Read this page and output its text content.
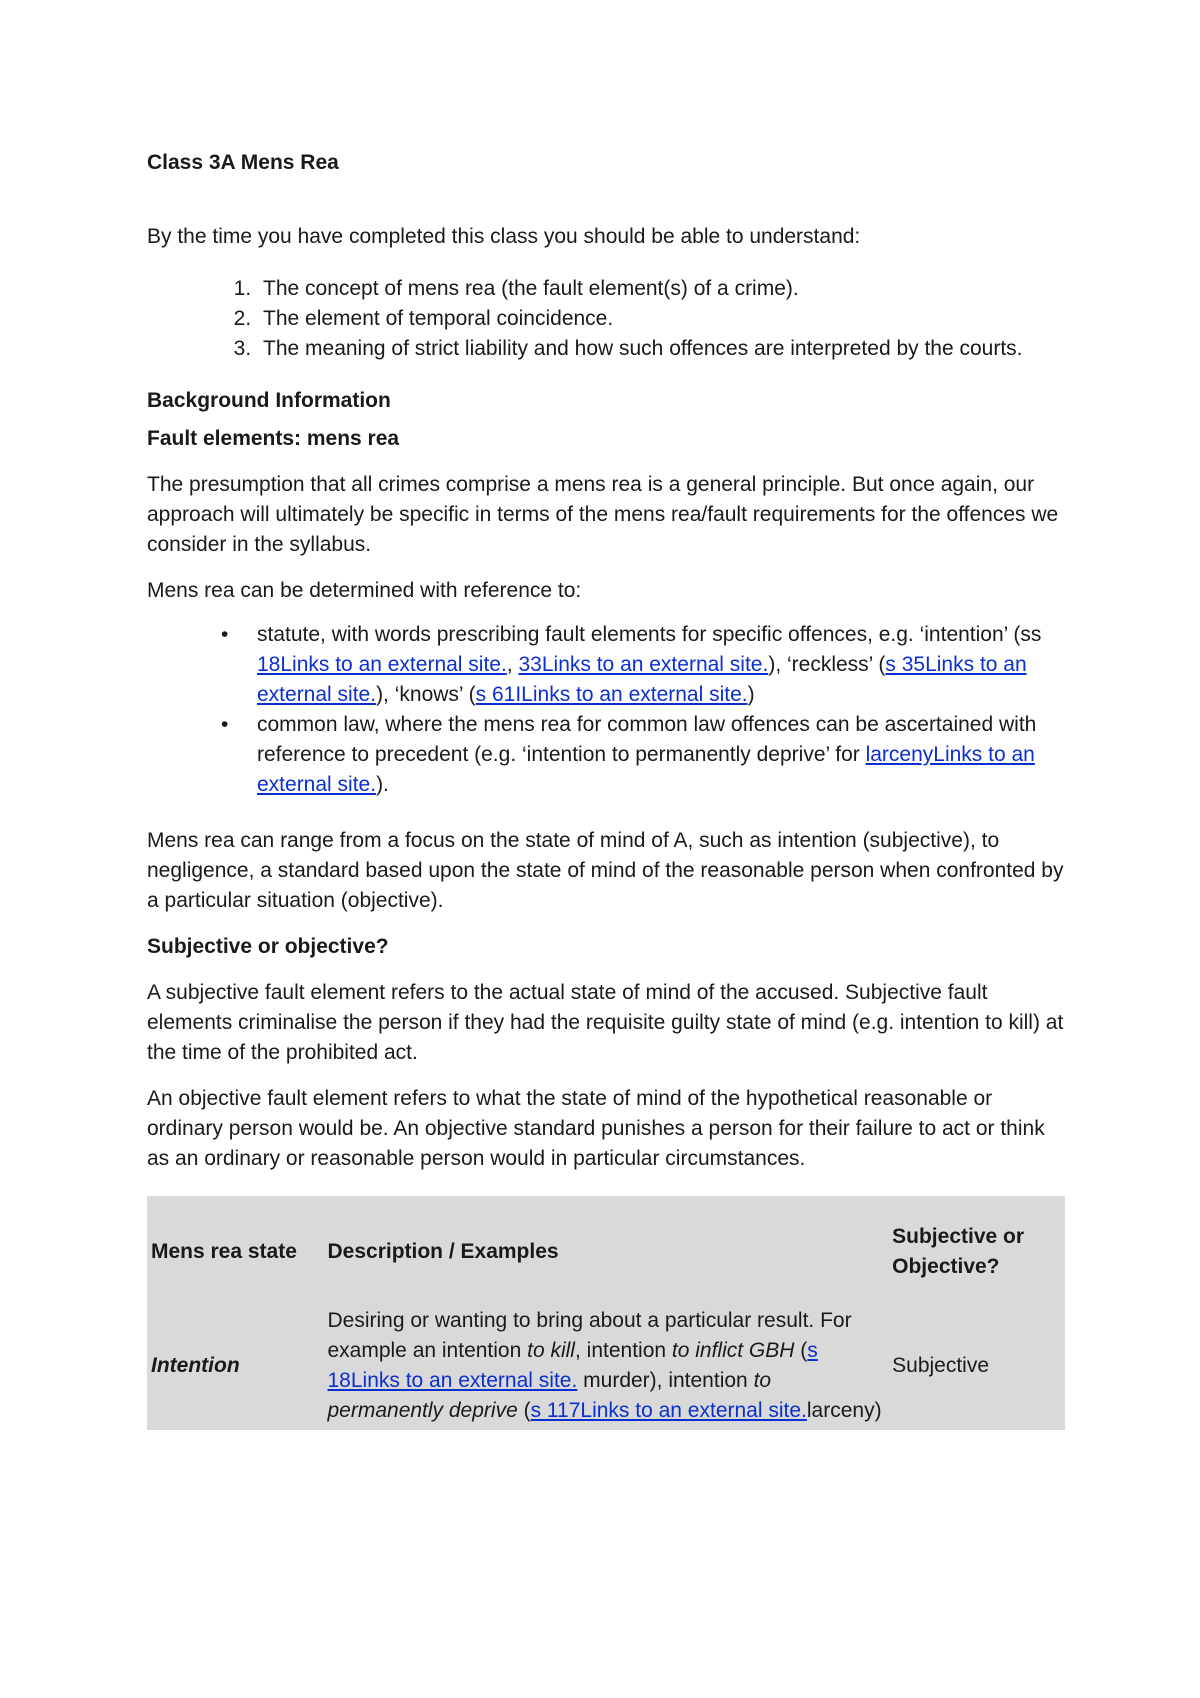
Class 3A Mens Rea

By the time you have completed this class you should be able to understand:

1. The concept of mens rea (the fault element(s) of a crime).
2. The element of temporal coincidence.
3. The meaning of strict liability and how such offences are interpreted by the courts.
Background Information
Fault elements: mens rea

The presumption that all crimes comprise a mens rea is a general principle. But once again, our approach will ultimately be specific in terms of the mens rea/fault requirements for the offences we consider in the syllabus.

Mens rea can be determined with reference to:

• statute, with words prescribing fault elements for specific offences, e.g. ‘intention’ (ss 18Links to an external site., 33Links to an external site.), ‘reckless’ (s 35Links to an external site.), ‘knows’ (s 61ILinks to an external site.)
• common law, where the mens rea for common law offences can be ascertained with reference to precedent (e.g. ‘intention to permanently deprive’ for larcenyLinks to an external site.).

Mens rea can range from a focus on the state of mind of A, such as intention (subjective), to negligence, a standard based upon the state of mind of the reasonable person when confronted by a particular situation (objective).

Subjective or objective?

A subjective fault element refers to the actual state of mind of the accused. Subjective fault elements criminalise the person if they had the requisite guilty state of mind (e.g. intention to kill) at the time of the prohibited act.

An objective fault element refers to what the state of mind of the hypothetical reasonable or ordinary person would be. An objective standard punishes a person for their failure to act or think as an ordinary or reasonable person would in particular circumstances.

Mens rea state	Description / Examples	Subjective or Objective?
Intention	Desiring or wanting to bring about a particular result. For example an intention to kill, intention to inflict GBH (s 18Links to an external site. murder), intention to permanently deprive (s 117Links to an external site.larceny)	Subjective
